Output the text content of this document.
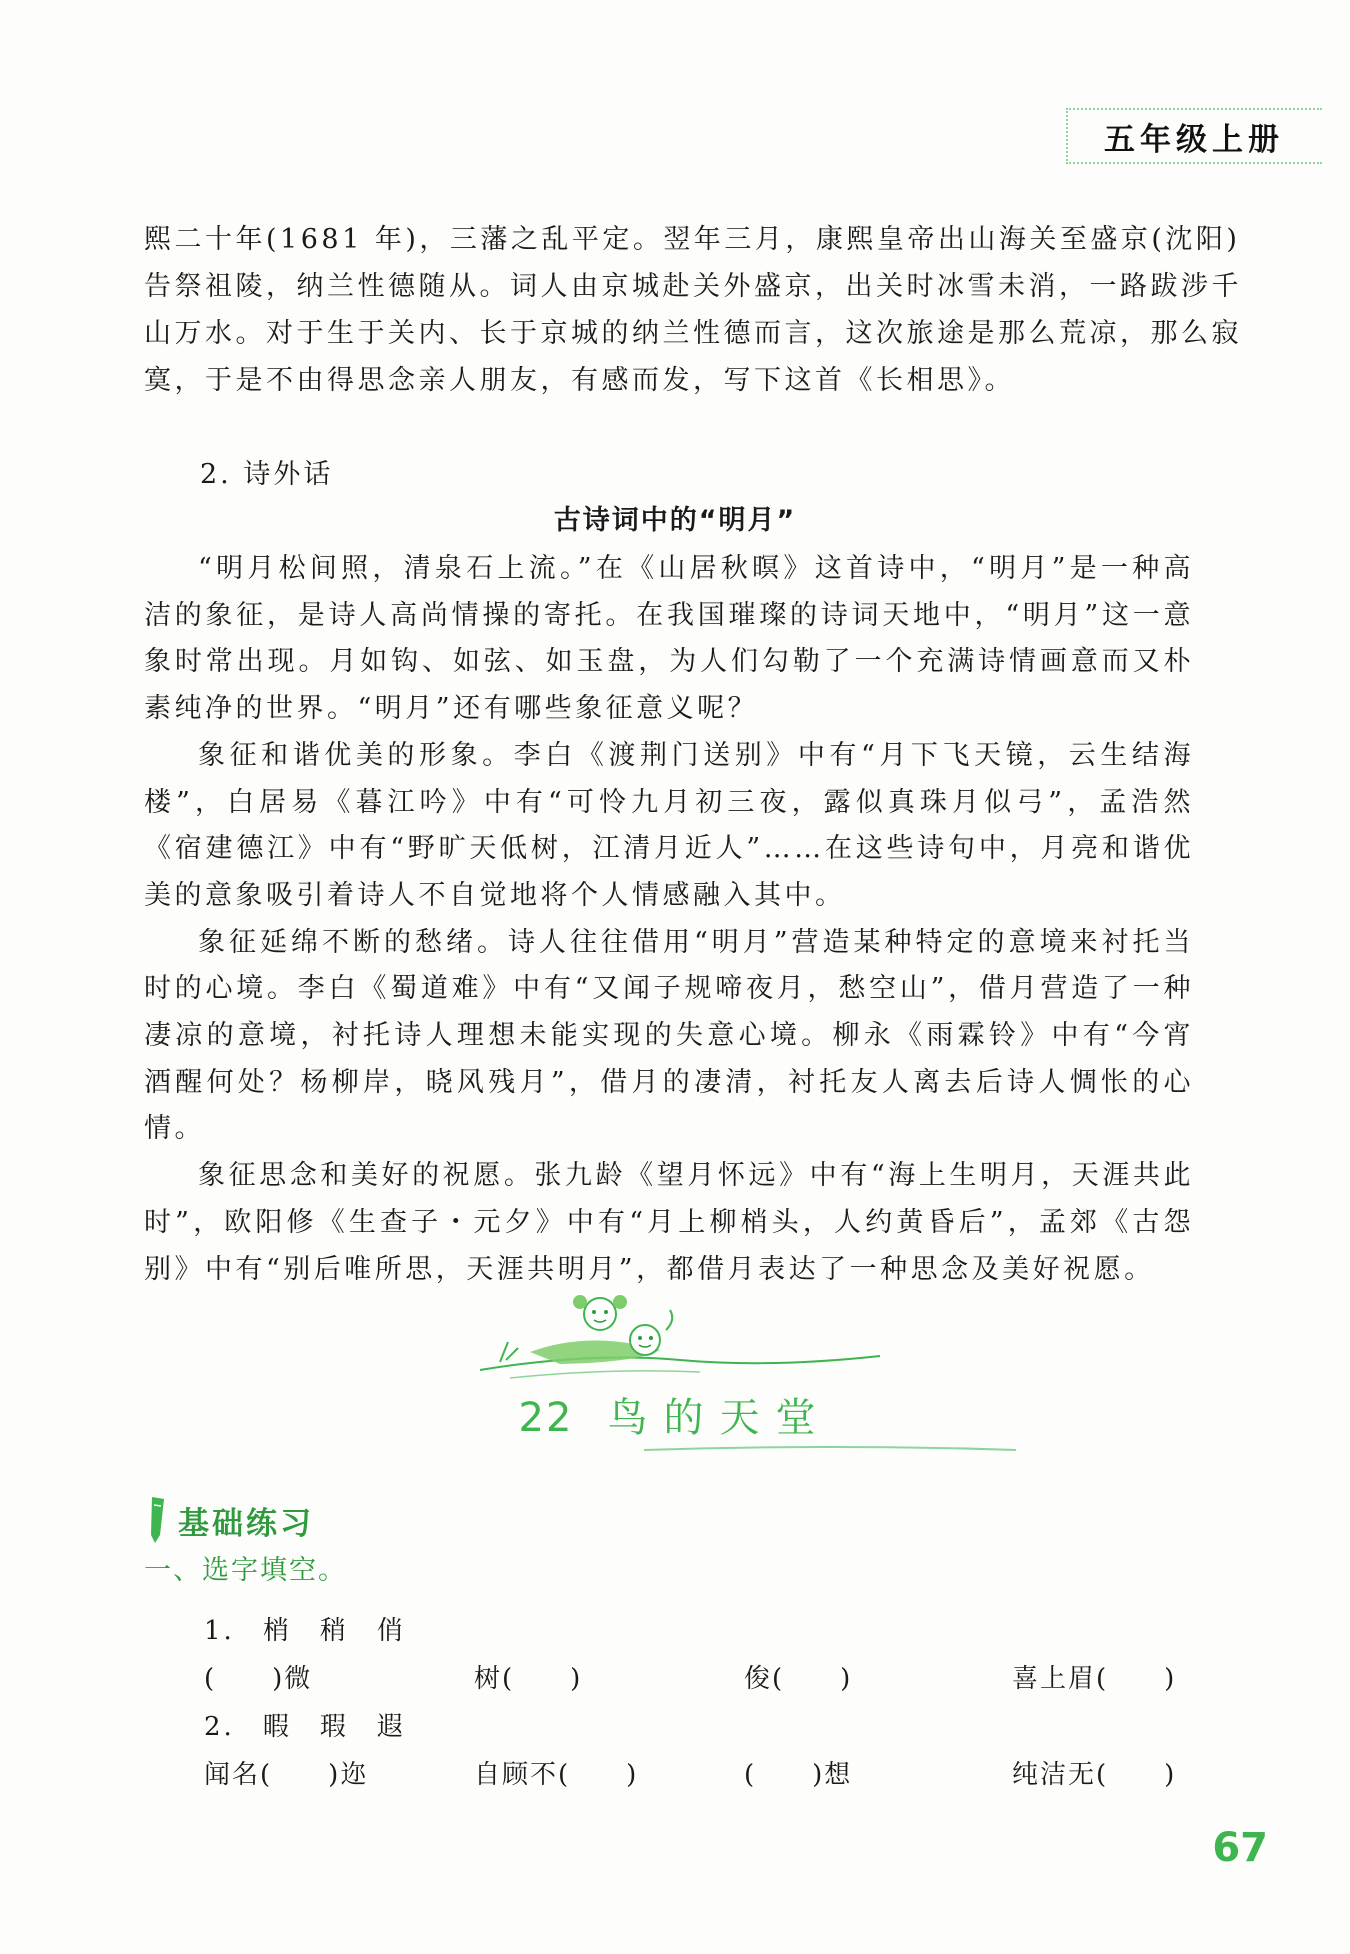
五年级上册

熙二十年(1681 年)，三藩之乱平定。翌年三月，康熙皇帝出山海关至盛京(沈阳)

告祭祖陵，纳兰性德随从。词人由京城赴关外盛京，出关时冰雪未消，一路跋涉千

山万水。对于生于关内、长于京城的纳兰性德而言，这次旅途是那么荒凉，那么寂

寞，于是不由得思念亲人朋友，有感而发，写下这首《长相思》。

2. 诗外话
古诗词中的“明月”

“明月松间照，清泉石上流。”在《山居秋暝》这首诗中，“明月”是一种高洁的象征，是诗人高尚情操的寄托。在我国璀璨的诗词天地中，“明月”这一意象时常出现。月如钩、如弦、如玉盘，为人们勾勒了一个充满诗情画意而又朴素纯净的世界。“明月”还有哪些象征意义呢？

象征和谐优美的形象。李白《渡荆门送别》中有“月下飞天镜，云生结海楼”，白居易《暮江吟》中有“可怜九月初三夜，露似真珠月似弓”，孟浩然《宿建德江》中有“野旷天低树，江清月近人”……在这些诗句中，月亮和谐优美的意象吸引着诗人不自觉地将个人情感融入其中。

象征延绵不断的愁绪。诗人往往借用“明月”营造某种特定的意境来衬托当时的心境。李白《蜀道难》中有“又闻子规啼夜月，愁空山”，借月营造了一种凄凉的意境，衬托诗人理想未能实现的失意心境。柳永《雨霖铃》中有“今宵酒醒何处？杨柳岸，晓风残月”，借月的凄清，衬托友人离去后诗人惆怅的心情。

象征思念和美好的祝愿。张九龄《望月怀远》中有“海上生明月，天涯共此时”，欧阳修《生查子・元夕》中有“月上柳梢头，人约黄昏后”，孟郊《古怨别》中有“别后唯所思，天涯共明月”，都借月表达了一种思念及美好祝愿。

22 鸟的天堂
基础练习
一、选字填空。
1. 梢 稍 俏
(　　)微	树(　　)	俊(　　)	喜上眉(　　)
2. 暇 瑕 遐
闻名(　　)迩	自顾不(　　)	(　　)想	纯洁无(　　)
67
